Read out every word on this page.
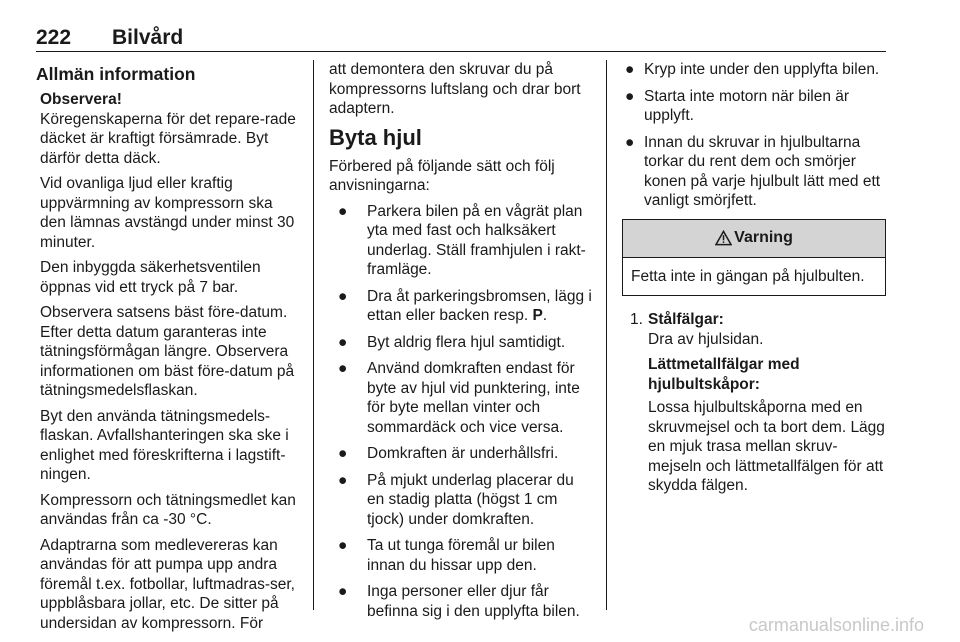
222 Bilvård
Allmän information

Observera!

Köregenskaperna för det repare-rade däcket är kraftigt försämrade. Byt därför detta däck.

Vid ovanliga ljud eller kraftig uppvärmning av kompressorn ska den lämnas avstängd under minst 30 minuter.

Den inbyggda säkerhetsventilen öppnas vid ett tryck på 7 bar.

Observera satsens bäst före-datum. Efter detta datum garanteras inte tätningsförmågan längre. Observera informationen om bäst före-datum på tätningsmedelsflaskan.

Byt den använda tätningsmedels-flaskan. Avfallshanteringen ska ske i enlighet med föreskrifterna i lagstift-ningen.

Kompressorn och tätningsmedlet kan användas från ca -30 °C.

Adaptrarna som medlevereras kan användas för att pumpa upp andra föremål t.ex. fotbollar, luftmadras-ser, uppblåsbara jollar, etc. De sitter på undersidan av kompressorn. För

att demontera den skruvar du på kompressorns luftslang och drar bort adaptern.

Byta hjul

Förbered på följande sätt och följ anvisningarna:

● Parkera bilen på en vågrät plan yta med fast och halksäkert underlag. Ställ framhjulen i rakt-framläge.
● Dra åt parkeringsbromsen, lägg i ettan eller backen resp. P.
● Byt aldrig flera hjul samtidigt.
● Använd domkraften endast för byte av hjul vid punktering, inte för byte mellan vinter och sommardäck och vice versa.
● Domkraften är underhållsfri.
● På mjukt underlag placerar du en stadig platta (högst 1 cm tjock) under domkraften.
● Ta ut tunga föremål ur bilen innan du hissar upp den.
● Inga personer eller djur får befinna sig i den upplyfta bilen.
● Kryp inte under den upplyfta bilen.
● Starta inte motorn när bilen är upplyft.
● Innan du skruvar in hjulbultarna torkar du rent dem och smörjer konen på varje hjulbult lätt med ett vanligt smörjfett.
Varning
Fetta inte in gängan på hjulbulten.
1. Stålfälgar:

Dra av hjulsidan.

Lättmetallfälgar med hjulbultskåpor:

Lossa hjulbultskåporna med en skruvmejsel och ta bort dem. Lägg en mjuk trasa mellan skruv-mejseln och lättmetallfälgen för att skydda fälgen.

carmanualsonline.info
